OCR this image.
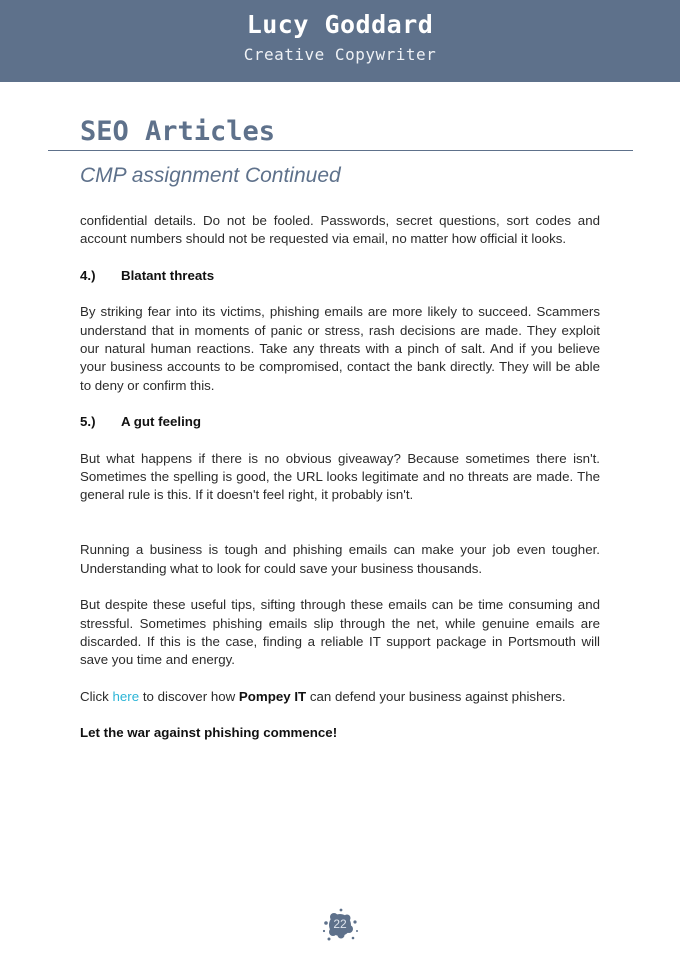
Lucy Goddard
Creative Copywriter
SEO Articles
CMP assignment Continued

confidential details. Do not be fooled. Passwords, secret questions, sort codes and account numbers should not be requested via email, no matter how official it looks.

4.)	Blatant threats

By striking fear into its victims, phishing emails are more likely to succeed. Scammers understand that in moments of panic or stress, rash decisions are made. They exploit our natural human reactions. Take any threats with a pinch of salt. And if you believe your business accounts to be compromised, contact the bank directly. They will be able to deny or confirm this.

5.)	A gut feeling

But what happens if there is no obvious giveaway? Because sometimes there isn't. Sometimes the spelling is good, the URL looks legitimate and no threats are made. The general rule is this. If it doesn't feel right, it probably isn't.

Running a business is tough and phishing emails can make your job even tougher. Understanding what to look for could save your business thousands.

But despite these useful tips, sifting through these emails can be time consuming and stressful. Sometimes phishing emails slip through the net, while genuine emails are discarded. If this is the case, finding a reliable IT support package in Portsmouth will save you time and energy.

Click here to discover how Pompey IT can defend your business against phishers.

Let the war against phishing commence!

22
